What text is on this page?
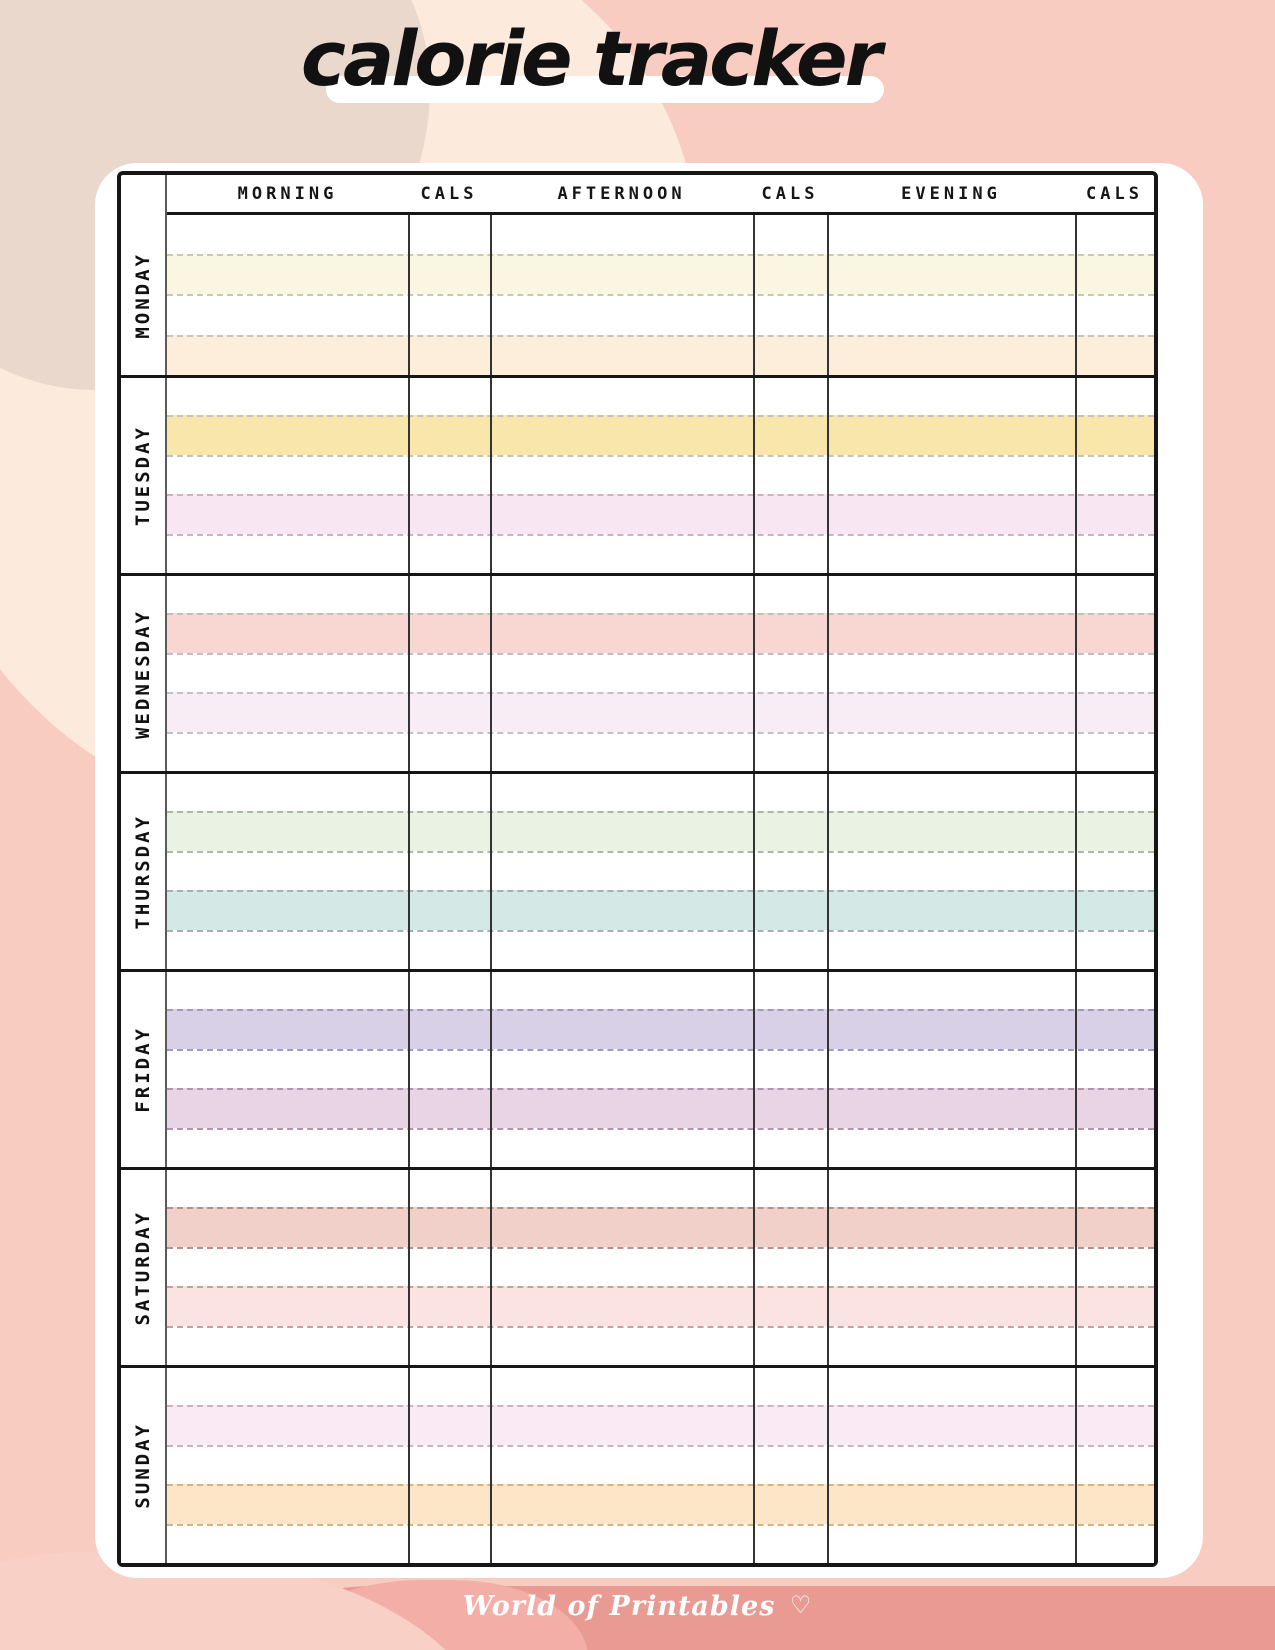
calorie tracker
MORNING	CALS	AFTERNOON	CALS	EVENING	CALS
MONDAY
TUESDAY
WEDNESDAY
THURSDAY
FRIDAY
SATURDAY
SUNDAY
World of Printables ♡
